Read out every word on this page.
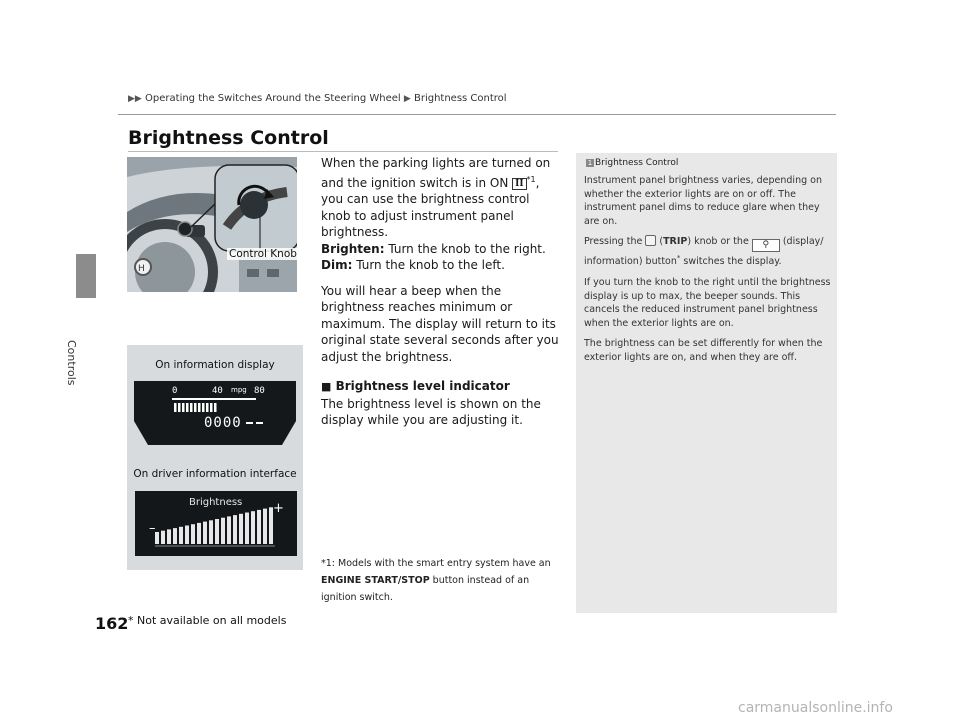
Controls
▶▶ Operating the Switches Around the Steering Wheel ▶ Brightness Control
Brightness Control
H
Control Knob

When the parking lights are turned on and the ignition switch is in ON II $^{*1}$, you can use the brightness control knob to adjust instrument panel brightness.

Brighten: Turn the knob to the right.

Dim: Turn the knob to the left.

You will hear a beep when the brightness reaches minimum or maximum. The display will return to its original state several seconds after you adjust the brightness.

■ Brightness level indicator

The brightness level is shown on the display while you are adjusting it.

On information display
0	40 mpg 80
0000
On driver information interface
Brightness
–
+
*1: Models with the smart entry system have an ENGINE START/STOP button instead of an ignition switch.
1 Brightness Control

Instrument panel brightness varies, depending on whether the exterior lights are on or off. The instrument panel dims to reduce glare when they are on.

Pressing the  (TRIP) knob or the ⚲ (display/ information) button* switches the display.

If you turn the knob to the right until the brightness display is up to max, the beeper sounds. This cancels the reduced instrument panel brightness when the exterior lights are on.

The brightness can be set differently for when the exterior lights are on, and when they are off.

162 * Not available on all models
carmanualsonline.info
